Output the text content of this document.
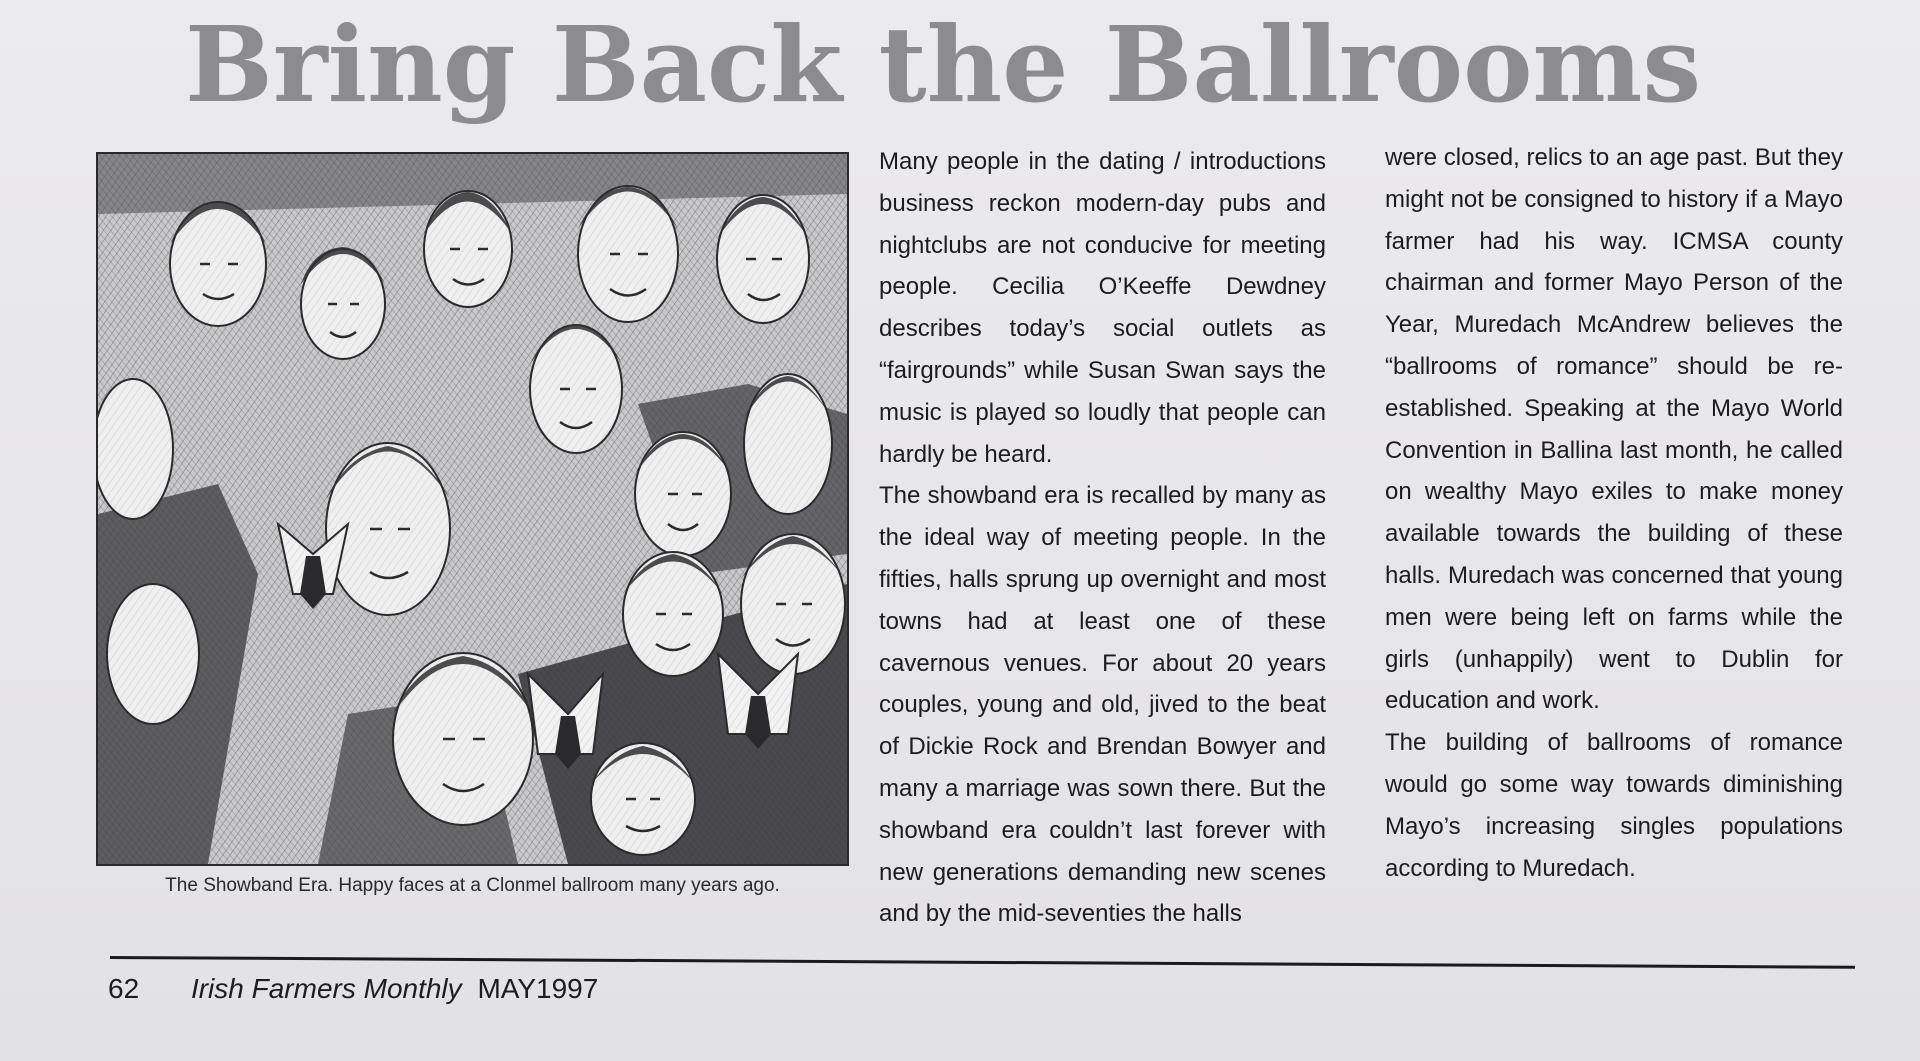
Bring Back the Ballrooms
The Showband Era. Happy faces at a Clonmel ballroom many years ago.

Many people in the dating / introductions business reckon modern-day pubs and nightclubs are not conducive for meeting people. Cecilia O’Keeffe Dewdney describes today’s social outlets as “fairgrounds” while Susan Swan says the music is played so loudly that people can hardly be heard.

The showband era is recalled by many as the ideal way of meeting people. In the fifties, halls sprung up overnight and most towns had at least one of these cavernous venues. For about 20 years couples, young and old, jived to the beat of Dickie Rock and Brendan Bowyer and many a marriage was sown there. But the showband era couldn’t last forever with new generations demanding new scenes and by the mid-seventies the halls

were closed, relics to an age past. But they might not be consigned to history if a Mayo farmer had his way. ICMSA county chairman and former Mayo Person of the Year, Muredach McAndrew believes the “ballrooms of romance” should be re-established. Speaking at the Mayo World Convention in Ballina last month, he called on wealthy Mayo exiles to make money available towards the building of these halls. Muredach was concerned that young men were being left on farms while the girls (unhappily) went to Dublin for education and work.

The building of ballrooms of romance would go some way towards diminishing Mayo’s increasing singles populations according to Muredach.

62 Irish Farmers Monthly MAY1997
